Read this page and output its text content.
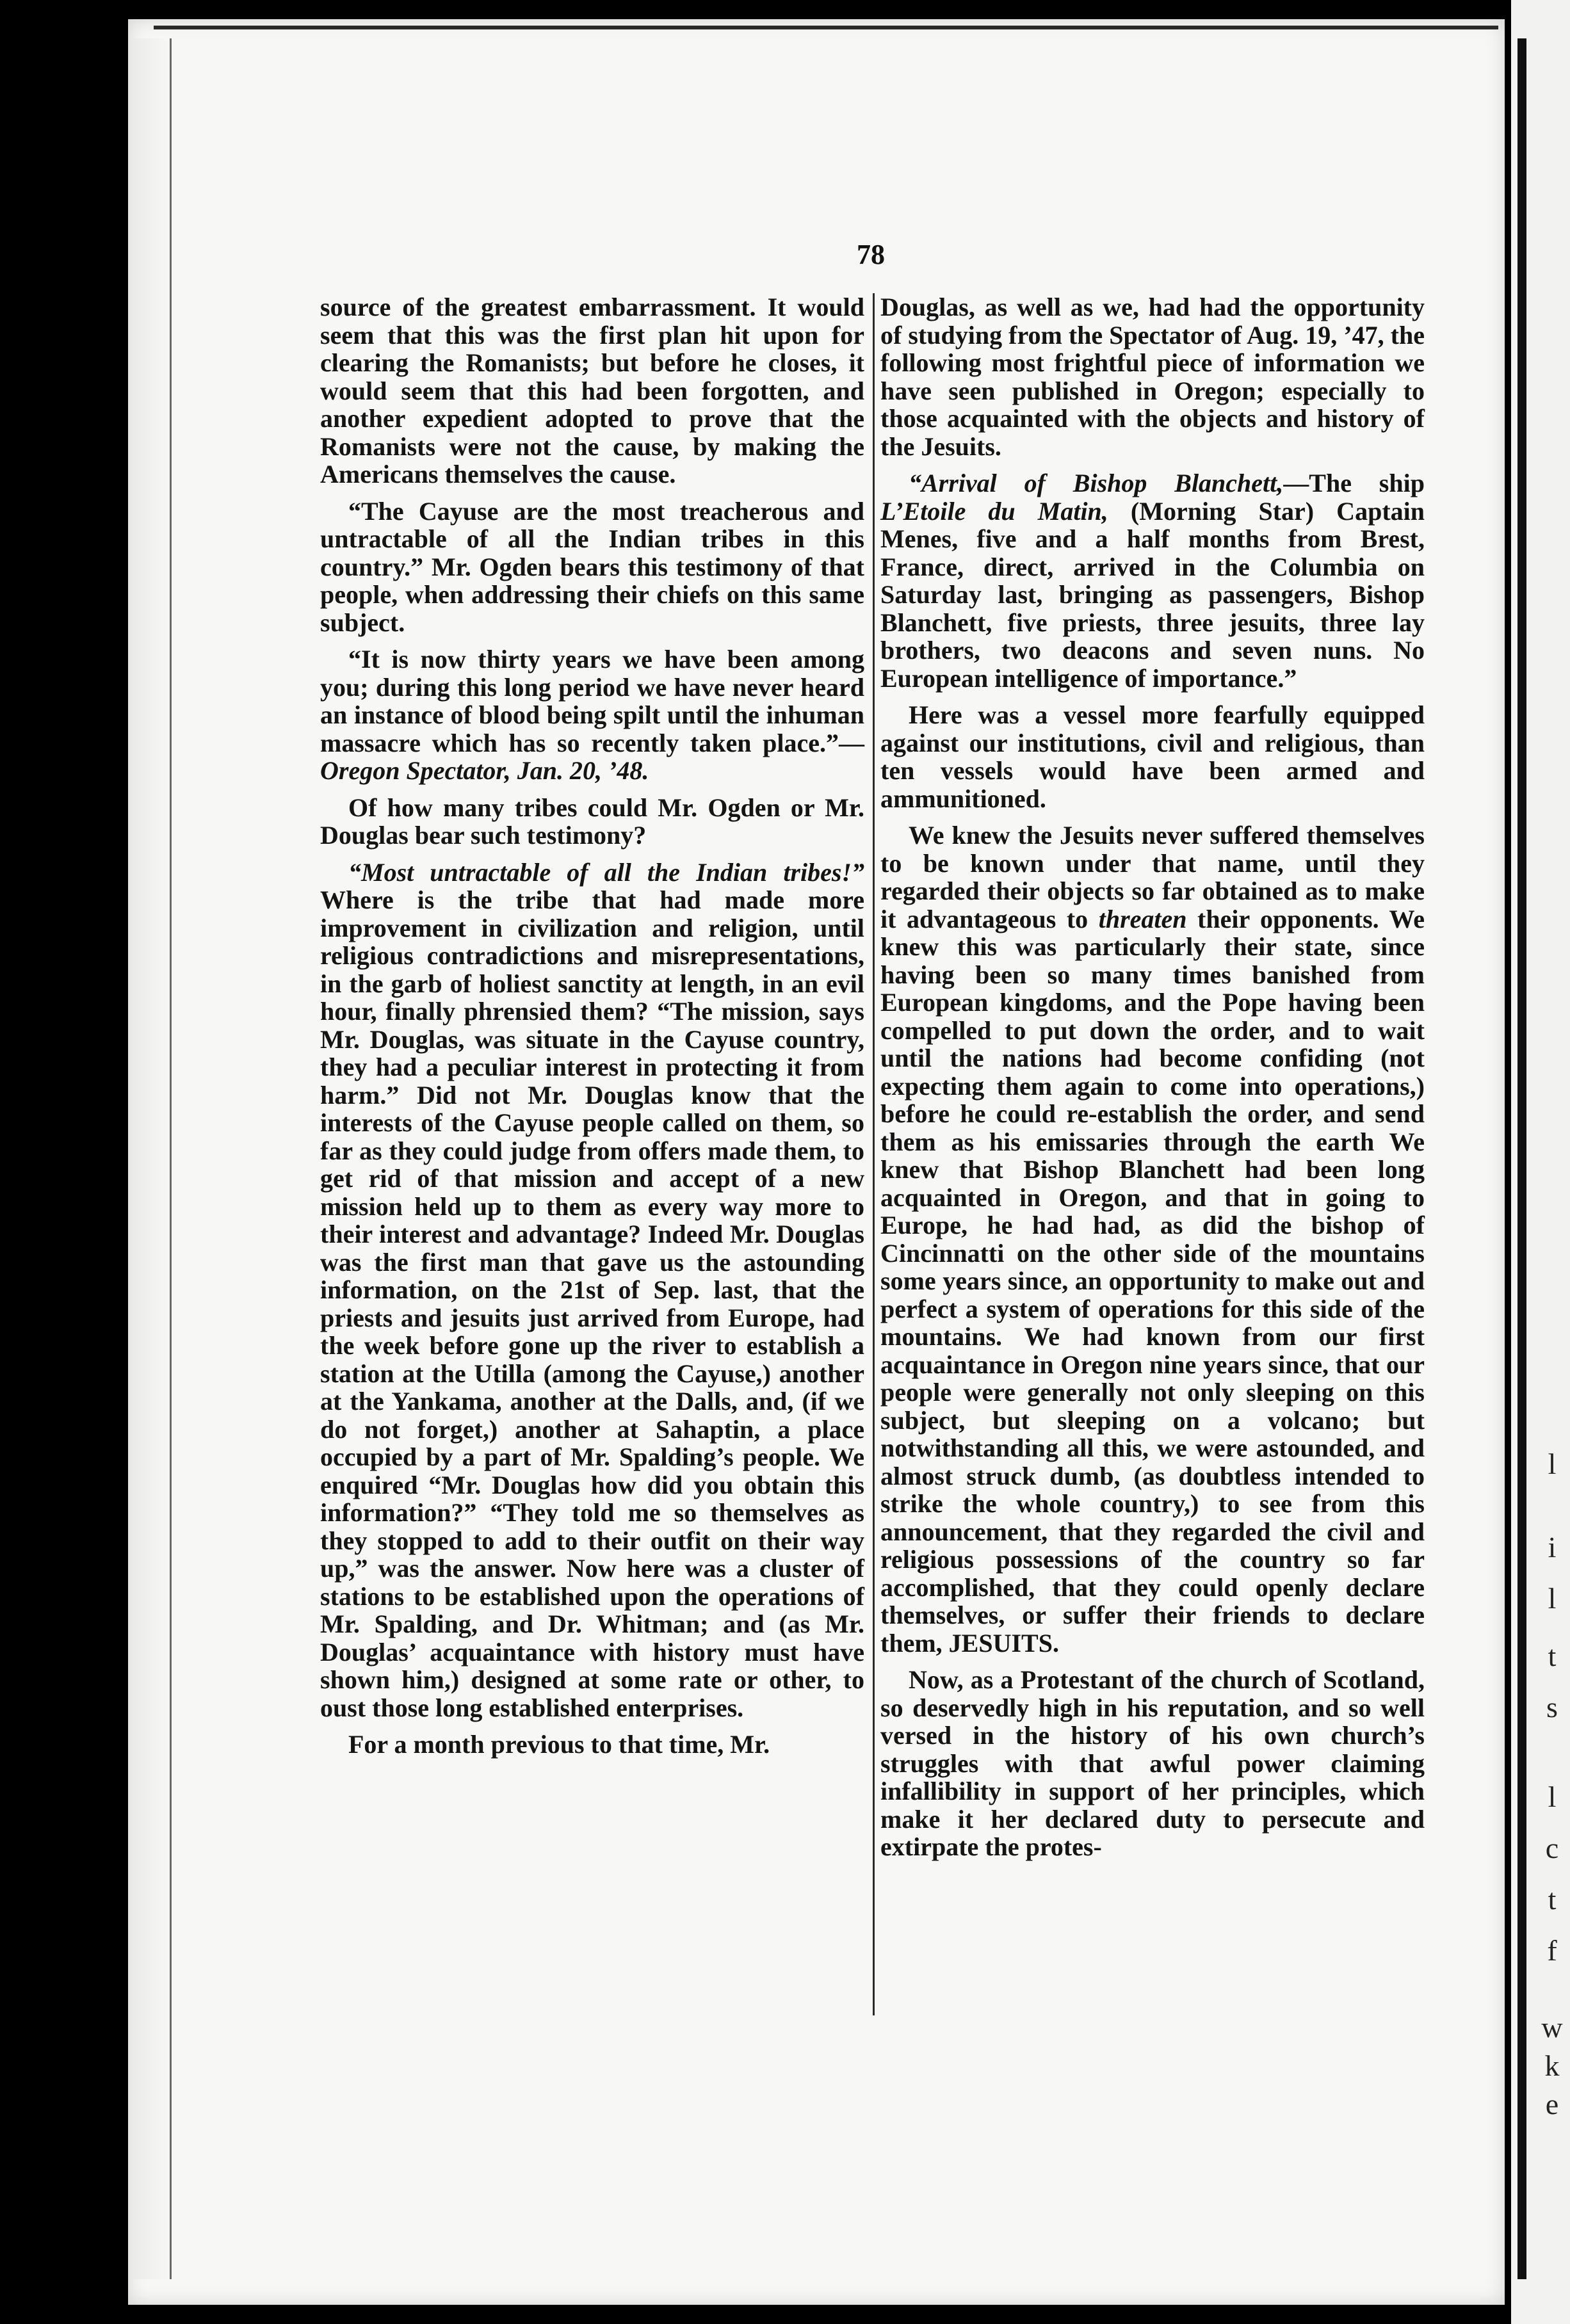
l
i
l
t
s
l
c
t
f
w
k
e
78

source of the greatest embarrassment. It would seem that this was the first plan hit upon for clearing the Romanists; but before he closes, it would seem that this had been forgotten, and another expedient adopted to prove that the Romanists were not the cause, by making the Americans themselves the cause.

“The Cayuse are the most treacherous and untractable of all the Indian tribes in this country.” Mr. Ogden bears this testimony of that people, when addressing their chiefs on this same subject.

“It is now thirty years we have been among you; during this long period we have never heard an instance of blood being spilt until the inhuman massacre which has so recently taken place.”—Oregon Spectator, Jan. 20, ’48.

Of how many tribes could Mr. Ogden or Mr. Douglas bear such testimony?

“Most untractable of all the Indian tribes!” Where is the tribe that had made more improvement in civilization and religion, until religious contradictions and misrepresentations, in the garb of holiest sanctity at length, in an evil hour, finally phrensied them? “The mission, says Mr. Douglas, was situate in the Cayuse country, they had a peculiar interest in protecting it from harm.” Did not Mr. Douglas know that the interests of the Cayuse people called on them, so far as they could judge from offers made them, to get rid of that mission and accept of a new mission held up to them as every way more to their interest and advantage? Indeed Mr. Douglas was the first man that gave us the astounding information, on the 21st of Sep. last, that the priests and jesuits just arrived from Europe, had the week before gone up the river to establish a station at the Utilla (among the Cayuse,) another at the Yankama, another at the Dalls, and, (if we do not forget,) another at Sahaptin, a place occupied by a part of Mr. Spalding’s people. We enquired “Mr. Douglas how did you obtain this information?” “They told me so themselves as they stopped to add to their outfit on their way up,” was the answer. Now here was a cluster of stations to be established upon the operations of Mr. Spalding, and Dr. Whitman; and (as Mr. Douglas’ acquaintance with history must have shown him,) designed at some rate or other, to oust those long established enterprises.

For a month previous to that time, Mr.

Douglas, as well as we, had had the opportunity of studying from the Spectator of Aug. 19, ’47, the following most frightful piece of information we have seen published in Oregon; especially to those acquainted with the objects and history of the Jesuits.

“Arrival of Bishop Blanchett,—The ship L’Etoile du Matin, (Morning Star) Captain Menes, five and a half months from Brest, France, direct, arrived in the Columbia on Saturday last, bringing as passengers, Bishop Blanchett, five priests, three jesuits, three lay brothers, two deacons and seven nuns. No European intelligence of importance.”

Here was a vessel more fearfully equipped against our institutions, civil and religious, than ten vessels would have been armed and ammunitioned.

We knew the Jesuits never suffered themselves to be known under that name, until they regarded their objects so far obtained as to make it advantageous to threaten their opponents. We knew this was particularly their state, since having been so many times banished from European kingdoms, and the Pope having been compelled to put down the order, and to wait until the nations had become confiding (not expecting them again to come into operations,) before he could re-establish the order, and send them as his emissaries through the earth We knew that Bishop Blanchett had been long acquainted in Oregon, and that in going to Europe, he had had, as did the bishop of Cincinnatti on the other side of the mountains some years since, an opportunity to make out and perfect a system of operations for this side of the mountains. We had known from our first acquaintance in Oregon nine years since, that our people were generally not only sleeping on this subject, but sleeping on a volcano; but notwithstanding all this, we were astounded, and almost struck dumb, (as doubtless intended to strike the whole country,) to see from this announcement, that they regarded the civil and religious possessions of the country so far accomplished, that they could openly declare themselves, or suffer their friends to declare them, JESUITS.

Now, as a Protestant of the church of Scotland, so deservedly high in his reputation, and so well versed in the history of his own church’s struggles with that awful power claiming infallibility in support of her principles, which make it her declared duty to persecute and extirpate the protes-
